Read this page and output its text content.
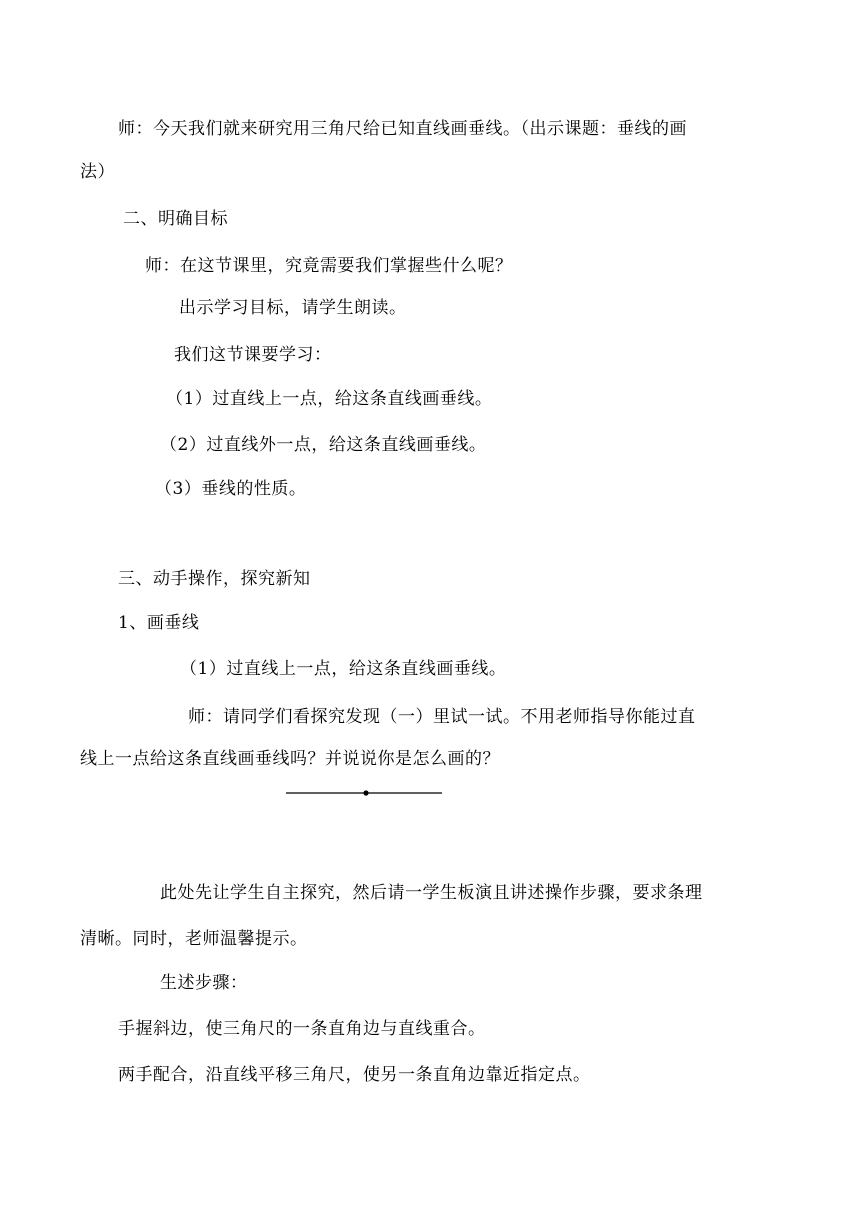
师：今天我们就来研究用三角尺给已知直线画垂线。（出示课题：垂线的画
法）
二、明确目标
师：在这节课里，究竟需要我们掌握些什么呢？
出示学习目标，请学生朗读。
我们这节课要学习：
（1）过直线上一点，给这条直线画垂线。
（2）过直线外一点，给这条直线画垂线。
（3）垂线的性质。
三、动手操作，探究新知
1、画垂线
（1）过直线上一点，给这条直线画垂线。
师：请同学们看探究发现（一）里试一试。不用老师指导你能过直
线上一点给这条直线画垂线吗？并说说你是怎么画的？
此处先让学生自主探究，然后请一学生板演且讲述操作步骤，要求条理
清晰。同时，老师温馨提示。
生述步骤：
手握斜边，使三角尺的一条直角边与直线重合。
两手配合，沿直线平移三角尺，使另一条直角边靠近指定点。
